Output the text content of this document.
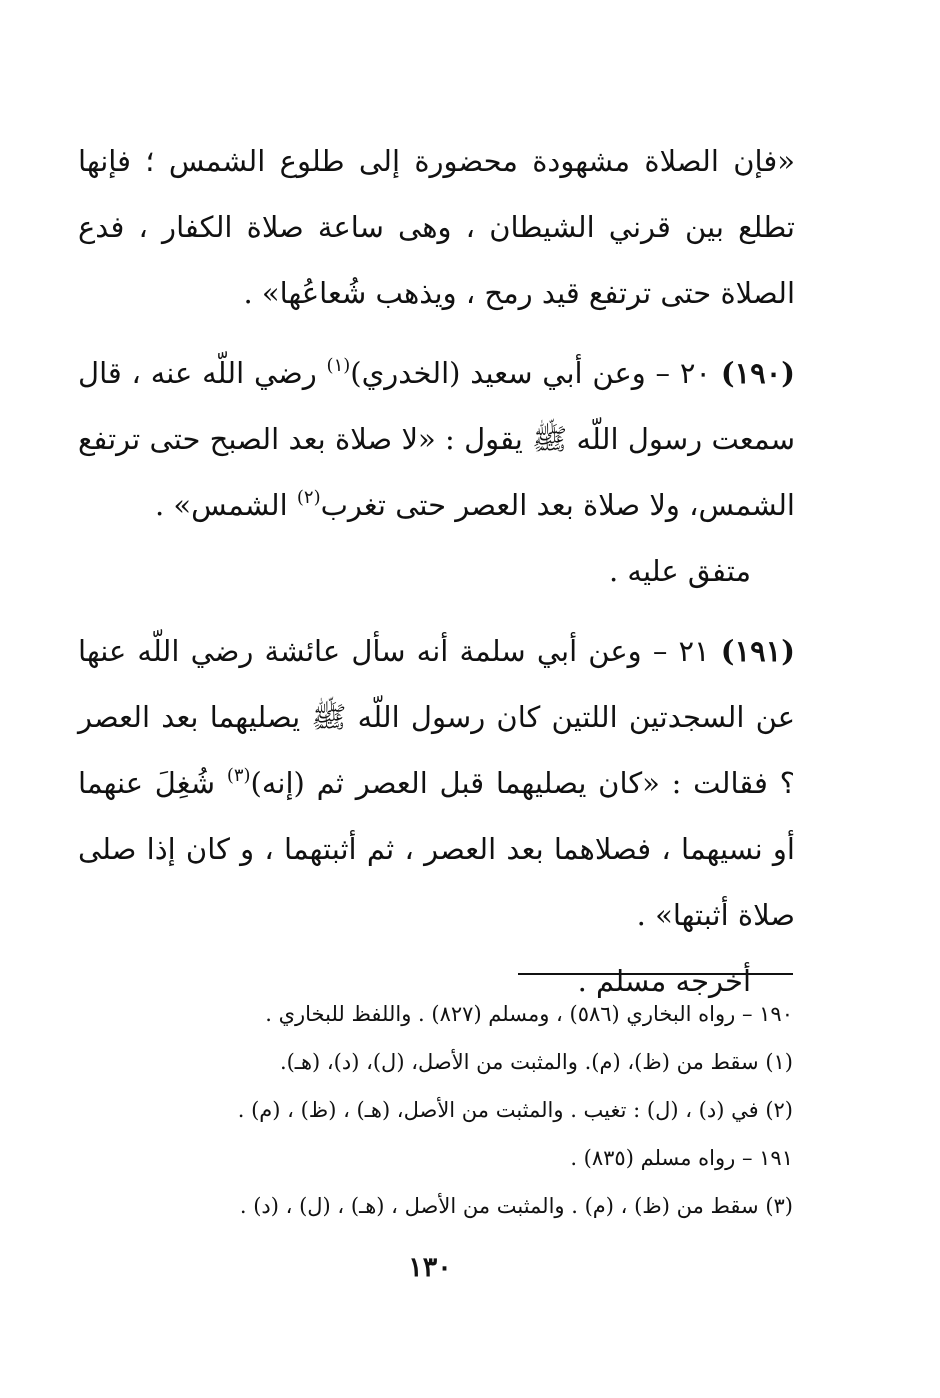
«فإن الصلاة مشهودة محضورة إلى طلوع الشمس ؛ فإنها تطلع بين قرني الشيطان ، وهى ساعة صلاة الكفار ، فدع الصلاة حتى ترتفع قيد رمح ، ويذهب شُعاعُها» .

(١٩٠) ٢٠ – وعن أبي سعيد (الخدري)$^{(١)}$ رضي اللّه عنه ، قال سمعت رسول اللّه ﷺ يقول : «لا صلاة بعد الصبح حتى ترتفع الشمس، ولا صلاة بعد العصر حتى تغرب$^{(٢)}$ الشمس» .

متفق عليه .

(١٩١) ٢١ – وعن أبي سلمة أنه سأل عائشة رضي اللّه عنها عن السجدتين اللتين كان رسول اللّه ﷺ يصليهما بعد العصر ؟ فقالت : «كان يصليهما قبل العصر ثم (إنه)$^{(٣)}$ شُغِلَ عنهما أو نسيهما ، فصلاهما بعد العصر ، ثم أثبتهما ، و كان إذا صلى صلاة أثبتها» .

أخرجه مسلم .

١٩٠ – رواه البخاري (٥٨٦) ، ومسلم (٨٢٧) . واللفظ للبخاري .
(١) سقط من (ظ)، (م). والمثبت من الأصل، (ل)، (د)، (هـ).
(٢) في (د) ، (ل) : تغيب . والمثبت من الأصل، (هـ) ، (ظ) ، (م) .
١٩١ – رواه مسلم (٨٣٥) .
(٣) سقط من (ظ) ، (م) . والمثبت من الأصل ، (هـ) ، (ل) ، (د) .
١٣٠
